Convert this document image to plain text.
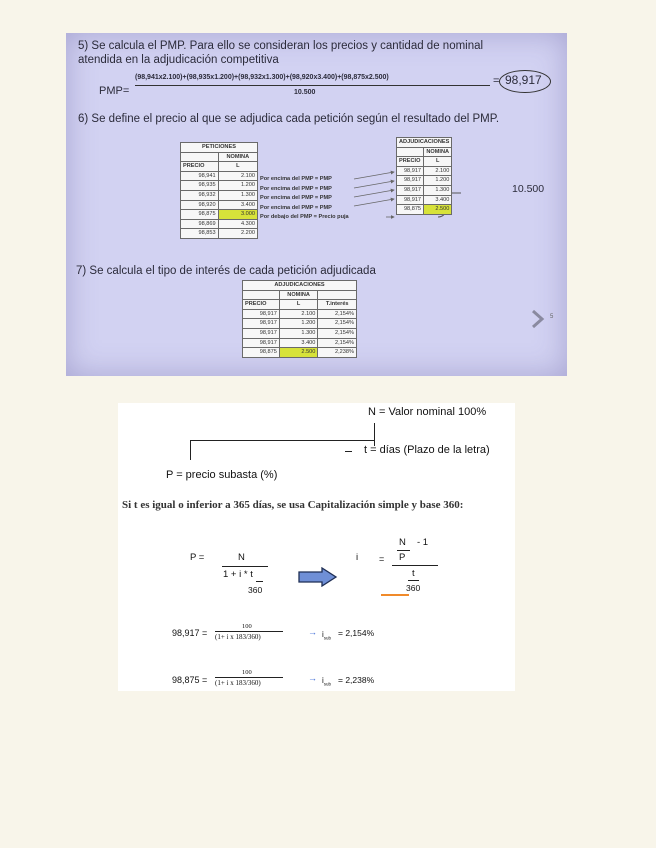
5) Se calcula el PMP. Para ello se consideran los precios y cantidad de nominal
atendida en la adjudicación competitiva
PMP=
(98,941x2.100)+(98,935x1.200)+(98,932x1.300)+(98,920x3.400)+(98,875x2.500)
10.500
= 98,917
6) Se define el precio al que se adjudica cada petición según el resultado del PMP.
PETICIONES	
	NOMINA
PRECIO	L
98,941	2.100
98,935	1.200
98,932	1.300
98,920	3.400
98,875	3.000
98,869	4.300
98,853	2.200
Por encima del PMP = PMP
Por encima del PMP = PMP
Por encima del PMP = PMP
Por encima del PMP = PMP
Por debajo del PMP = Precio puja
ADJUDICACIONES	
	NOMINA
PRECIO	L
98,917	2.100
98,917	1.200
98,917	1.300
98,917	3.400
98,875	2.500
10.500
7) Se calcula el tipo de interés de cada petición adjudicada
ADJUDICACIONES		
	NOMINA	
PRECIO	L	T.interés
98,917	2.100	2,154%
98,917	1.200	2,154%
98,917	1.300	2,154%
98,917	3.400	2,154%
98,875	2.500	2,238%
5
N = Valor nominal 100%
t = días (Plazo de la letra)
P = precio subasta (%)
Si t es igual o inferior a 365 días, se usa Capitalización simple y base 360:
P =	N
1 + i * t
360
i =
N - 1
P
t
360
98,917 =
100
(1+ i x 183/360)	→ $i_{sub}$
= 2,154%
98,875 =
100
(1+ i x 183/360)	→ $i_{sub} = 2,238\%$
